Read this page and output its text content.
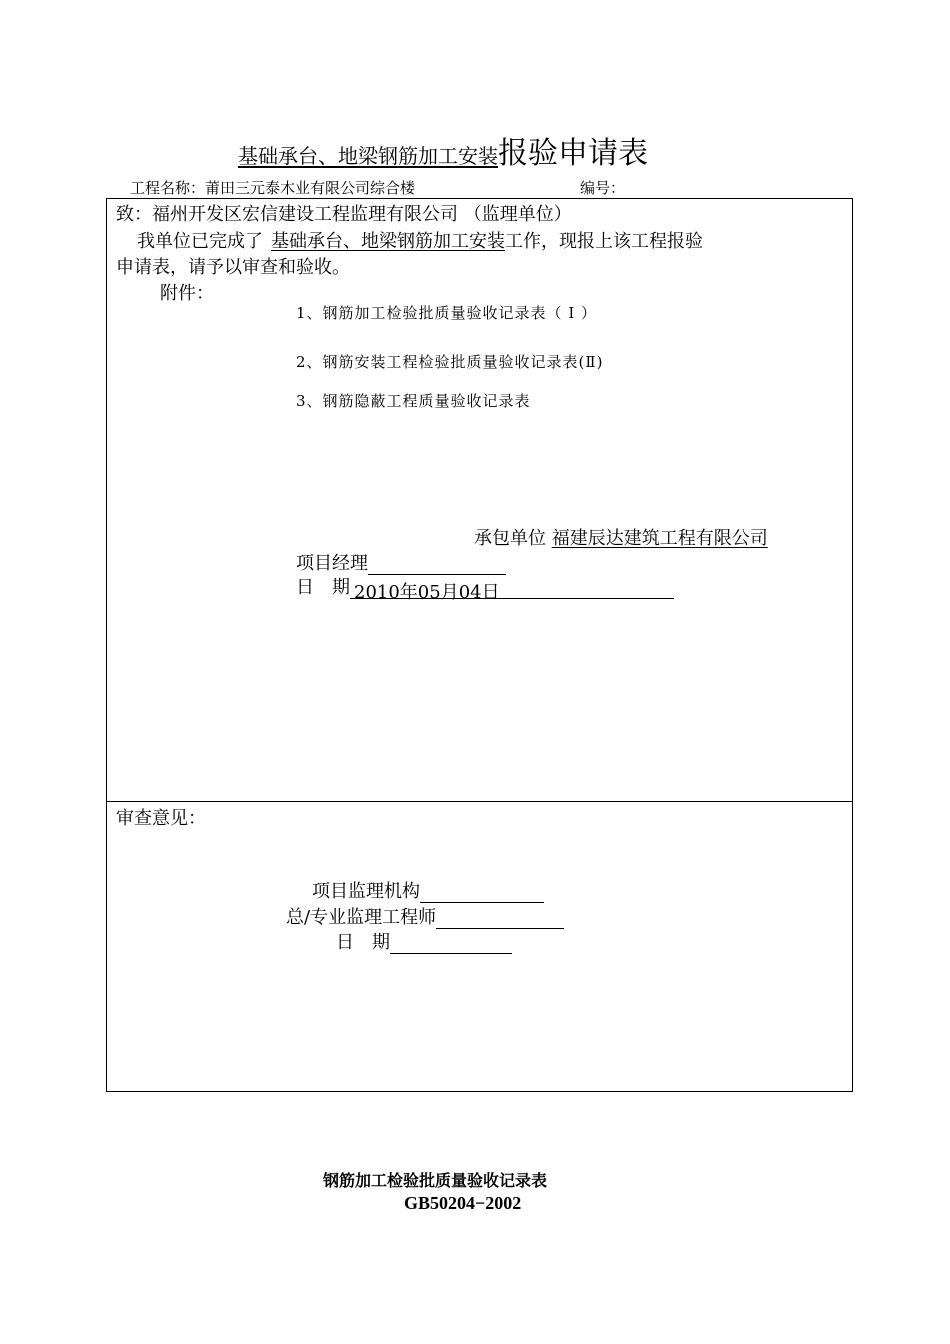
基础承台、地梁钢筋加工安装报验申请表
工程名称：莆田三元泰木业有限公司综合楼	编号：
致：福州开发区宏信建设工程监理有限公司 （监理单位）
我单位已完成了 基础承台、地梁钢筋加工安装工作，现报上该工程报验
申请表，请予以审查和验收。
附件：
1、钢筋加工检验批质量验收记录表（ Ⅰ ）
2、钢筋安装工程检验批质量验收记录表(Ⅱ)
3、钢筋隐蔽工程质量验收记录表
承包单位 福建辰达建筑工程有限公司
项目经理
日　期 2010年05月04日
审查意见：
项目监理机构
总/专业监理工程师
日　期
钢筋加工检验批质量验收记录表
GB50204−2002
